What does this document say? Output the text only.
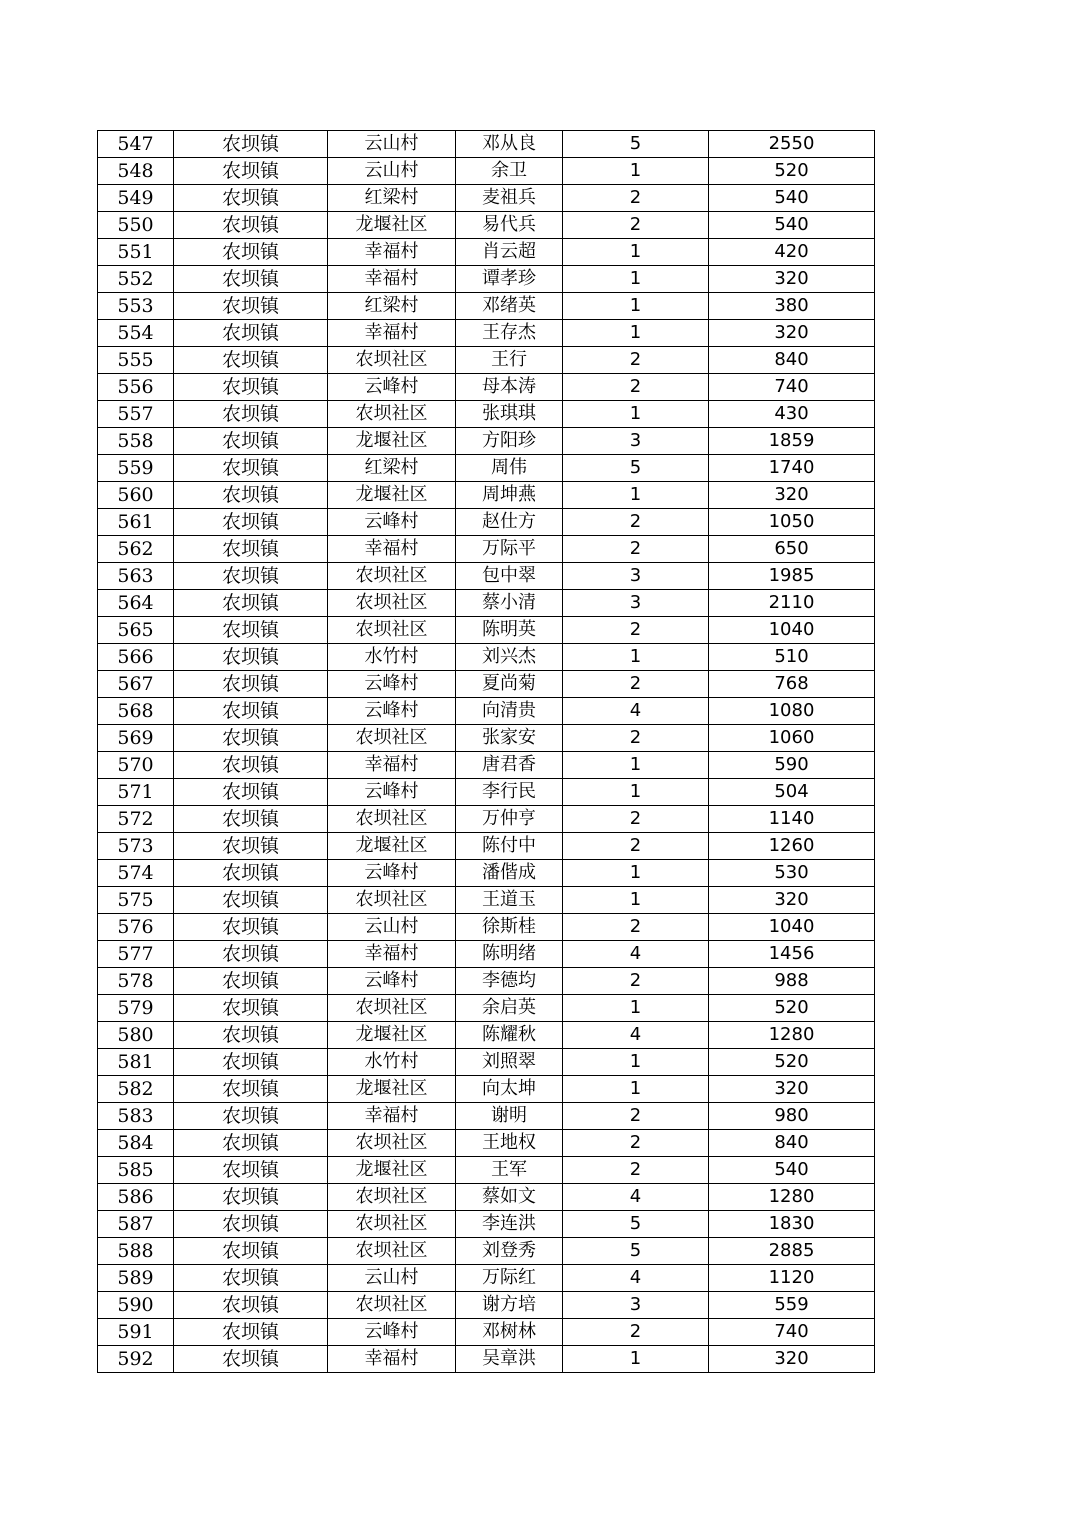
547	农坝镇	云山村	邓从良	5	2550
548	农坝镇	云山村	余卫	1	520
549	农坝镇	红梁村	麦祖兵	2	540
550	农坝镇	龙堰社区	易代兵	2	540
551	农坝镇	幸福村	肖云超	1	420
552	农坝镇	幸福村	谭孝珍	1	320
553	农坝镇	红梁村	邓绪英	1	380
554	农坝镇	幸福村	王存杰	1	320
555	农坝镇	农坝社区	王行	2	840
556	农坝镇	云峰村	母本涛	2	740
557	农坝镇	农坝社区	张琪琪	1	430
558	农坝镇	龙堰社区	方阳珍	3	1859
559	农坝镇	红梁村	周伟	5	1740
560	农坝镇	龙堰社区	周坤燕	1	320
561	农坝镇	云峰村	赵仕方	2	1050
562	农坝镇	幸福村	万际平	2	650
563	农坝镇	农坝社区	包中翠	3	1985
564	农坝镇	农坝社区	蔡小清	3	2110
565	农坝镇	农坝社区	陈明英	2	1040
566	农坝镇	水竹村	刘兴杰	1	510
567	农坝镇	云峰村	夏尚菊	2	768
568	农坝镇	云峰村	向清贵	4	1080
569	农坝镇	农坝社区	张家安	2	1060
570	农坝镇	幸福村	唐君香	1	590
571	农坝镇	云峰村	李行民	1	504
572	农坝镇	农坝社区	万仲亨	2	1140
573	农坝镇	龙堰社区	陈付中	2	1260
574	农坝镇	云峰村	潘偕成	1	530
575	农坝镇	农坝社区	王道玉	1	320
576	农坝镇	云山村	徐斯桂	2	1040
577	农坝镇	幸福村	陈明绪	4	1456
578	农坝镇	云峰村	李德均	2	988
579	农坝镇	农坝社区	余启英	1	520
580	农坝镇	龙堰社区	陈耀秋	4	1280
581	农坝镇	水竹村	刘照翠	1	520
582	农坝镇	龙堰社区	向太坤	1	320
583	农坝镇	幸福村	谢明	2	980
584	农坝镇	农坝社区	王地权	2	840
585	农坝镇	龙堰社区	王军	2	540
586	农坝镇	农坝社区	蔡如文	4	1280
587	农坝镇	农坝社区	李连洪	5	1830
588	农坝镇	农坝社区	刘登秀	5	2885
589	农坝镇	云山村	万际红	4	1120
590	农坝镇	农坝社区	谢方培	3	559
591	农坝镇	云峰村	邓树林	2	740
592	农坝镇	幸福村	吴章洪	1	320
